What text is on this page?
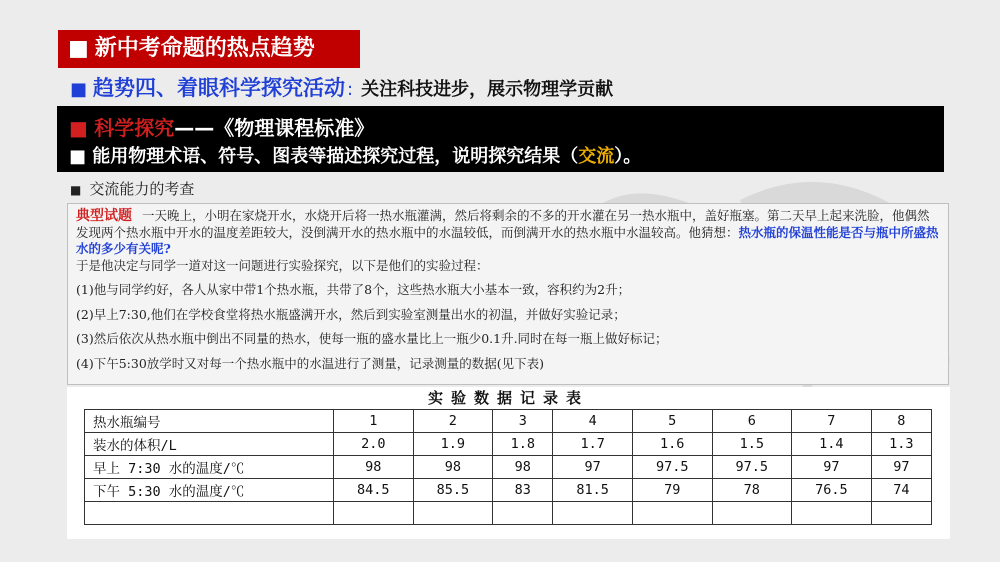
■ 新中考命题的热点趋势
■ 趋势四、着眼科学探究活动 : 关注科技进步，展示物理学贡献
■ 科学探究——《物理课程标准》
■ 能用物理术语、符号、图表等描述探究过程，说明探究结果（交流）。
■ 交流能力的考查

典型试题 一天晚上，小明在家烧开水，水烧开后将一热水瓶灌满，然后将剩余的不多的开水灌在另一热水瓶中，盖好瓶塞。第二天早上起来洗脸，他偶然发现两个热水瓶中开水的温度差距较大，没倒满开水的热水瓶中的水温较低，而倒满开水的热水瓶中水温较高。他猜想：热水瓶的保温性能是否与瓶中所盛热水的多少有关呢?

于是他决定与同学一道对这一问题进行实验探究，以下是他们的实验过程：

(1)他与同学约好，各人从家中带1个热水瓶，共带了8个，这些热水瓶大小基本一致，容积约为2升；

(2)早上7:30,他们在学校食堂将热水瓶盛满开水，然后到实验室测量出水的初温，并做好实验记录；

(3)然后依次从热水瓶中倒出不同量的热水，使每一瓶的盛水量比上一瓶少0.1升.同时在每一瓶上做好标记；

(4)下午5:30放学时又对每一个热水瓶中的水温进行了测量，记录测量的数据(见下表)

实验数据记录表
热水瓶编号	1	2	3	4	5	6	7	8
装水的体积/L	2.0	1.9	1.8	1.7	1.6	1.5	1.4	1.3
早上 7:30 水的温度/℃	98	98	98	97	97.5	97.5	97	97
下午 5:30 水的温度/℃	84.5	85.5	83	81.5	79	78	76.5	74
